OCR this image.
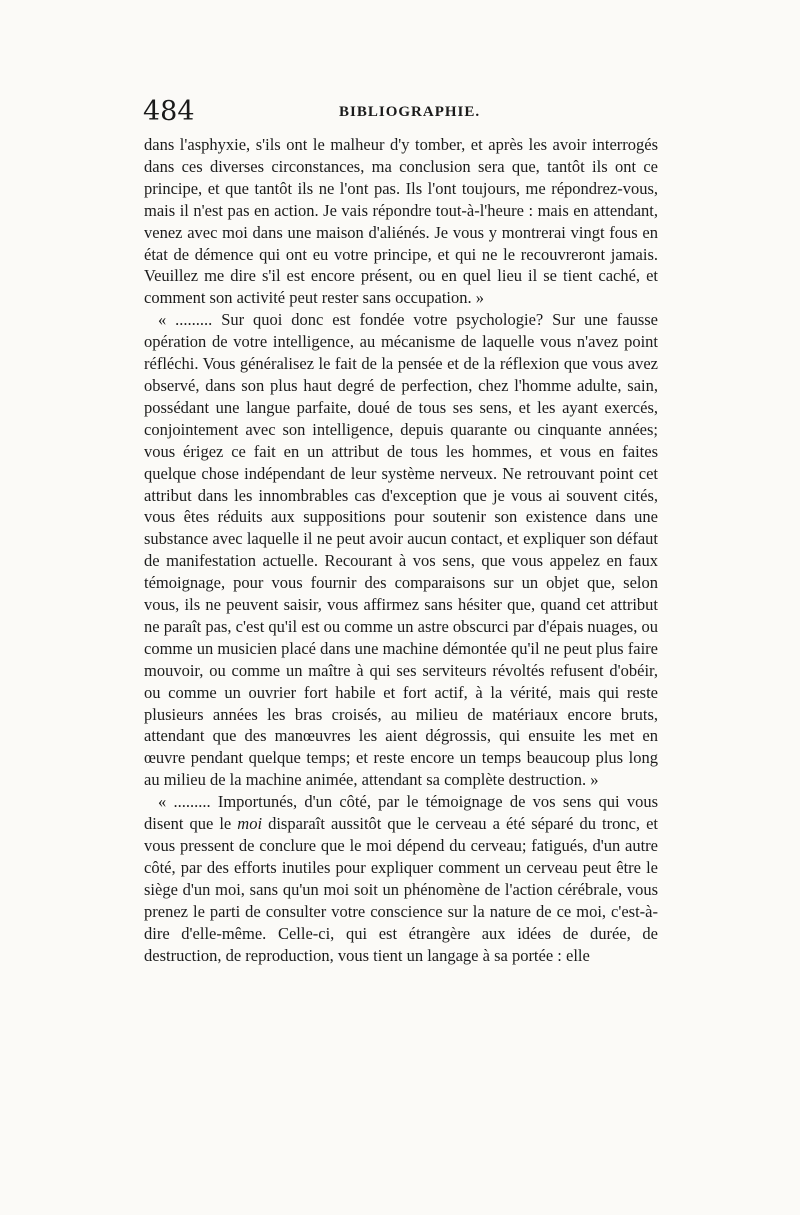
484	BIBLIOGRAPHIE.

dans l'asphyxie, s'ils ont le malheur d'y tomber, et après les avoir interrogés dans ces diverses circonstances, ma conclusion sera que, tantôt ils ont ce principe, et que tantôt ils ne l'ont pas. Ils l'ont toujours, me répondrez-vous, mais il n'est pas en action. Je vais répondre tout-à-l'heure : mais en attendant, venez avec moi dans une maison d'aliénés. Je vous y montrerai vingt fous en état de démence qui ont eu votre principe, et qui ne le recouvreront jamais. Veuillez me dire s'il est encore présent, ou en quel lieu il se tient caché, et comment son activité peut rester sans occupation. »

« ......... Sur quoi donc est fondée votre psychologie? Sur une fausse opération de votre intelligence, au mécanisme de laquelle vous n'avez point réfléchi. Vous généralisez le fait de la pensée et de la réflexion que vous avez observé, dans son plus haut degré de perfection, chez l'homme adulte, sain, possédant une langue parfaite, doué de tous ses sens, et les ayant exercés, conjointement avec son intelligence, depuis quarante ou cinquante années; vous érigez ce fait en un attribut de tous les hommes, et vous en faites quelque chose indépendant de leur système nerveux. Ne retrouvant point cet attribut dans les innombrables cas d'exception que je vous ai souvent cités, vous êtes réduits aux suppositions pour soutenir son existence dans une substance avec laquelle il ne peut avoir aucun contact, et expliquer son défaut de manifestation actuelle. Recourant à vos sens, que vous appelez en faux témoignage, pour vous fournir des comparaisons sur un objet que, selon vous, ils ne peuvent saisir, vous affirmez sans hésiter que, quand cet attribut ne paraît pas, c'est qu'il est ou comme un astre obscurci par d'épais nuages, ou comme un musicien placé dans une machine démontée qu'il ne peut plus faire mouvoir, ou comme un maître à qui ses serviteurs révoltés refusent d'obéir, ou comme un ouvrier fort habile et fort actif, à la vérité, mais qui reste plusieurs années les bras croisés, au milieu de matériaux encore bruts, attendant que des manœuvres les aient dégrossis, qui ensuite les met en œuvre pendant quelque temps; et reste encore un temps beaucoup plus long au milieu de la machine animée, attendant sa complète destruction. »

« ......... Importunés, d'un côté, par le témoignage de vos sens qui vous disent que le moi disparaît aussitôt que le cerveau a été séparé du tronc, et vous pressent de conclure que le moi dépend du cerveau; fatigués, d'un autre côté, par des efforts inutiles pour expliquer comment un cerveau peut être le siège d'un moi, sans qu'un moi soit un phénomène de l'action cérébrale, vous prenez le parti de consulter votre conscience sur la nature de ce moi, c'est-à-dire d'elle-même. Celle-ci, qui est étrangère aux idées de durée, de destruction, de reproduction, vous tient un langage à sa portée : elle
